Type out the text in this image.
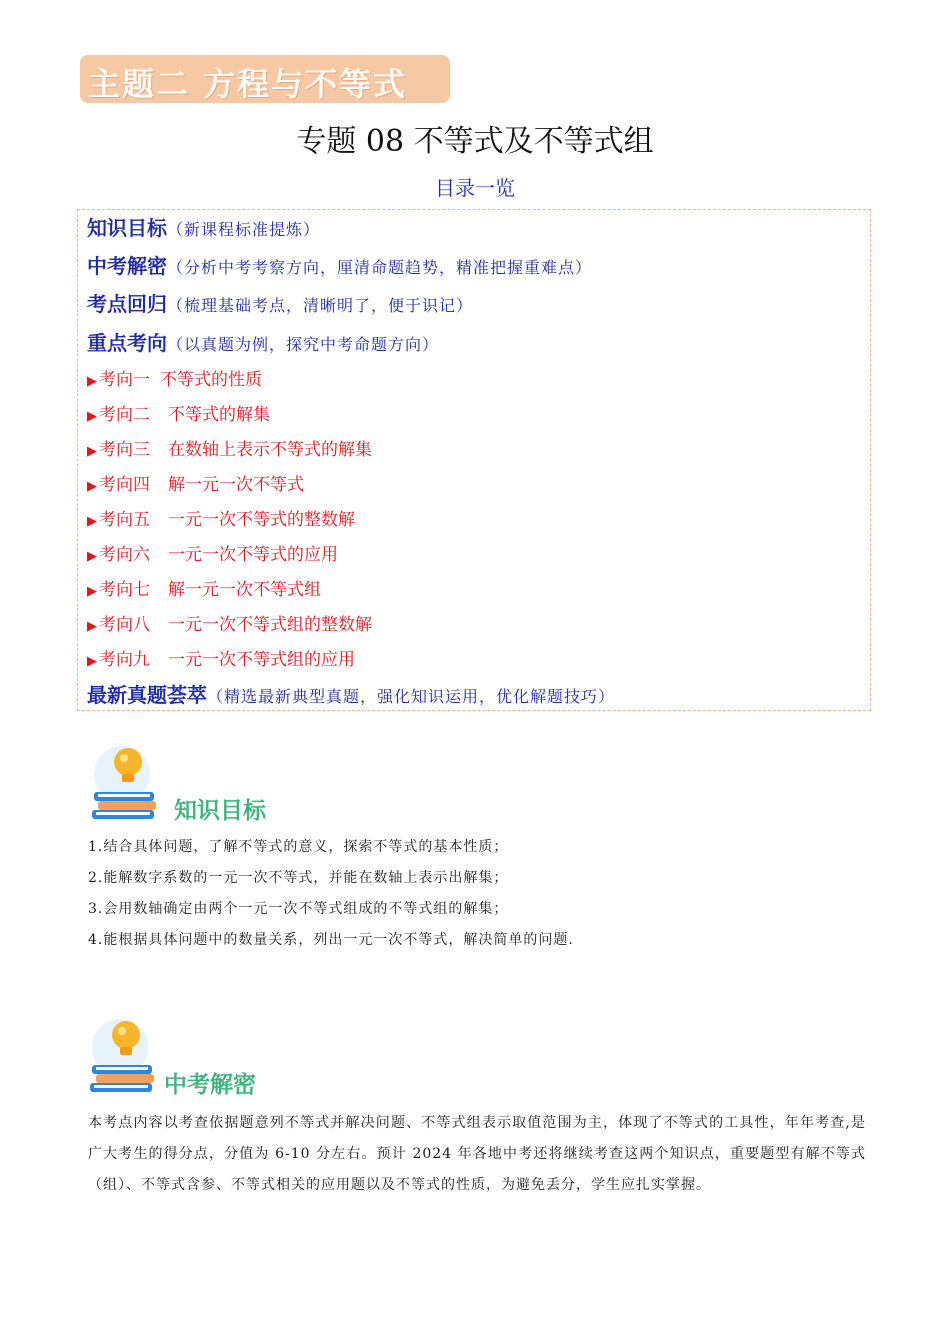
主题二 方程与不等式
专题 08 不等式及不等式组
目录一览
知识目标（新课程标准提炼）
中考解密（分析中考考察方向，厘清命题趋势，精准把握重难点）
考点回归（梳理基础考点，清晰明了，便于识记）
重点考向（以真题为例，探究中考命题方向）
▶ 考向一 不等式的性质
▶ 考向二 不等式的解集
▶ 考向三 在数轴上表示不等式的解集
▶ 考向四 解一元一次不等式
▶ 考向五 一元一次不等式的整数解
▶ 考向六 一元一次不等式的应用
▶ 考向七 解一元一次不等式组
▶ 考向八 一元一次不等式组的整数解
▶ 考向九 一元一次不等式组的应用
最新真题荟萃（精选最新典型真题，强化知识运用，优化解题技巧）
知识目标
1.结合具体问题，了解不等式的意义，探索不等式的基本性质；
2.能解数字系数的一元一次不等式，并能在数轴上表示出解集；
3.会用数轴确定由两个一元一次不等式组成的不等式组的解集；
4.能根据具体问题中的数量关系，列出一元一次不等式，解决简单的问题.
中考解密
本考点内容以考查依据题意列不等式并解决问题、不等式组表示取值范围为主，体现了不等式的工具性，年年考查,是广大考生的得分点，分值为 6-10 分左右。预计 2024 年各地中考还将继续考查这两个知识点，重要题型有解不等式（组）、不等式含参、不等式相关的应用题以及不等式的性质，为避免丢分，学生应扎实掌握。
